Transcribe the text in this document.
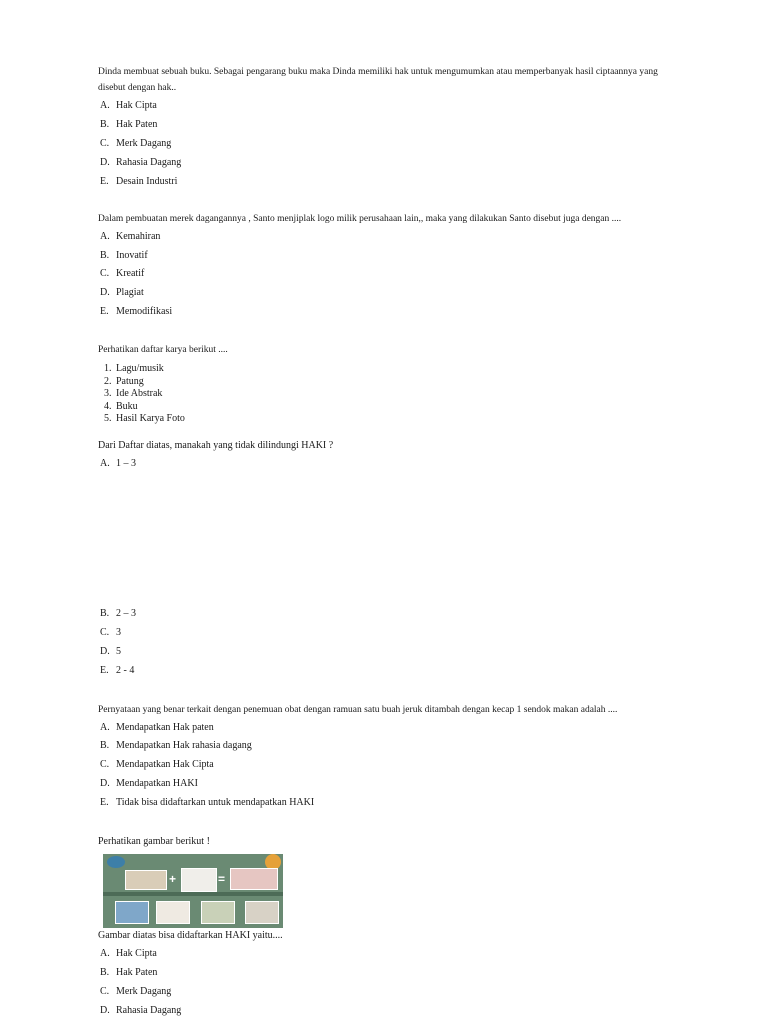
Dinda membuat sebuah buku. Sebagai pengarang buku maka Dinda memiliki hak untuk mengumumkan atau memperbanyak hasil ciptaannya yang
disebut dengan hak..
A. Hak Cipta
B. Hak Paten
C. Merk Dagang
D. Rahasia Dagang
E. Desain Industri
Dalam pembuatan merek dagangannya , Santo menjiplak logo milik perusahaan lain,, maka yang dilakukan Santo disebut juga dengan ....
A. Kemahiran
B. Inovatif
C. Kreatif
D. Plagiat
E. Memodifikasi
Perhatikan daftar karya berikut ....
1. Lagu/musik
2. Patung
3. Ide Abstrak
4. Buku
5. Hasil Karya Foto
Dari Daftar diatas, manakah yang tidak dilindungi HAKI ?
A. 1 – 3
B. 2 – 3
C. 3
D. 5
E. 2 - 4
Pernyataan yang benar terkait dengan penemuan obat dengan ramuan satu buah jeruk ditambah dengan kecap 1 sendok makan adalah ....
A. Mendapatkan Hak paten
B. Mendapatkan Hak rahasia dagang
C. Mendapatkan Hak Cipta
D. Mendapatkan HAKI
E. Tidak bisa didaftarkan untuk mendapatkan HAKI
Perhatikan gambar berikut !
+	=
Gambar diatas bisa didaftarkan HAKI yaitu....
A. Hak Cipta
B. Hak Paten
C. Merk Dagang
D. Rahasia Dagang
